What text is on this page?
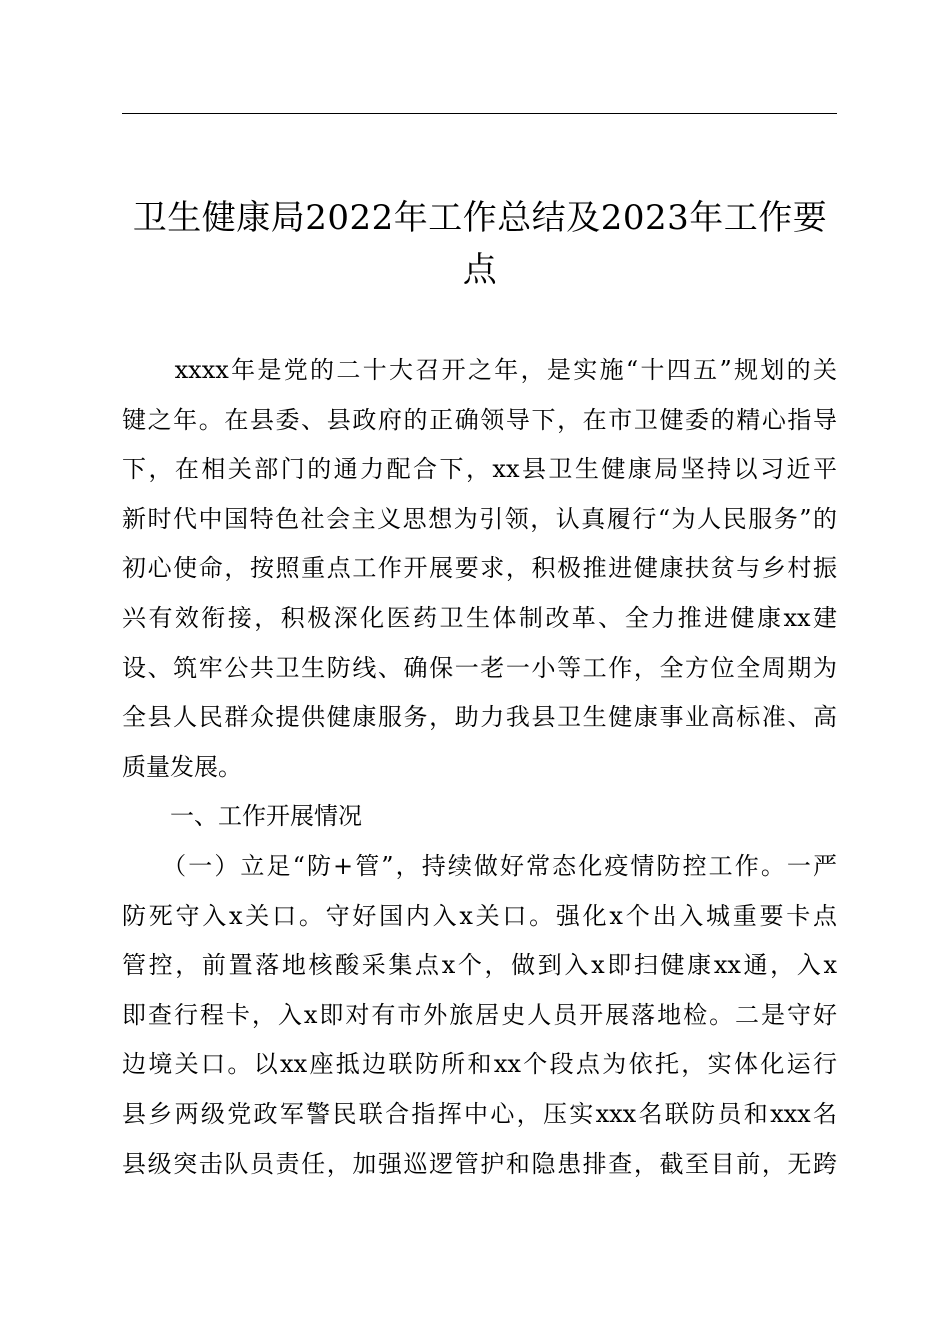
卫生健康局2022年工作总结及2023年工作要
点
　　xxxx年是党的二十大召开之年，是实施“十四五”规划的关
键之年。在县委、县政府的正确领导下，在市卫健委的精心指导
下，在相关部门的通力配合下，xx县卫生健康局坚持以习近平
新时代中国特色社会主义思想为引领，认真履行“为人民服务”的
初心使命，按照重点工作开展要求，积极推进健康扶贫与乡村振
兴有效衔接，积极深化医药卫生体制改革、全力推进健康xx建
设、筑牢公共卫生防线、确保一老一小等工作，全方位全周期为
全县人民群众提供健康服务，助力我县卫生健康事业高标准、高
质量发展。
　　一、工作开展情况
　　（一）立足“防+管”，持续做好常态化疫情防控工作。一严
防死守入x关口。守好国内入x关口。强化x个出入城重要卡点
管控，前置落地核酸采集点x个，做到入x即扫健康xx通，入x
即查行程卡，入x即对有市外旅居史人员开展落地检。二是守好
边境关口。以xx座抵边联防所和xx个段点为依托，实体化运行
县乡两级党政军警民联合指挥中心，压实xxx名联防员和xxx名
县级突击队员责任，加强巡逻管护和隐患排查，截至目前，无跨
